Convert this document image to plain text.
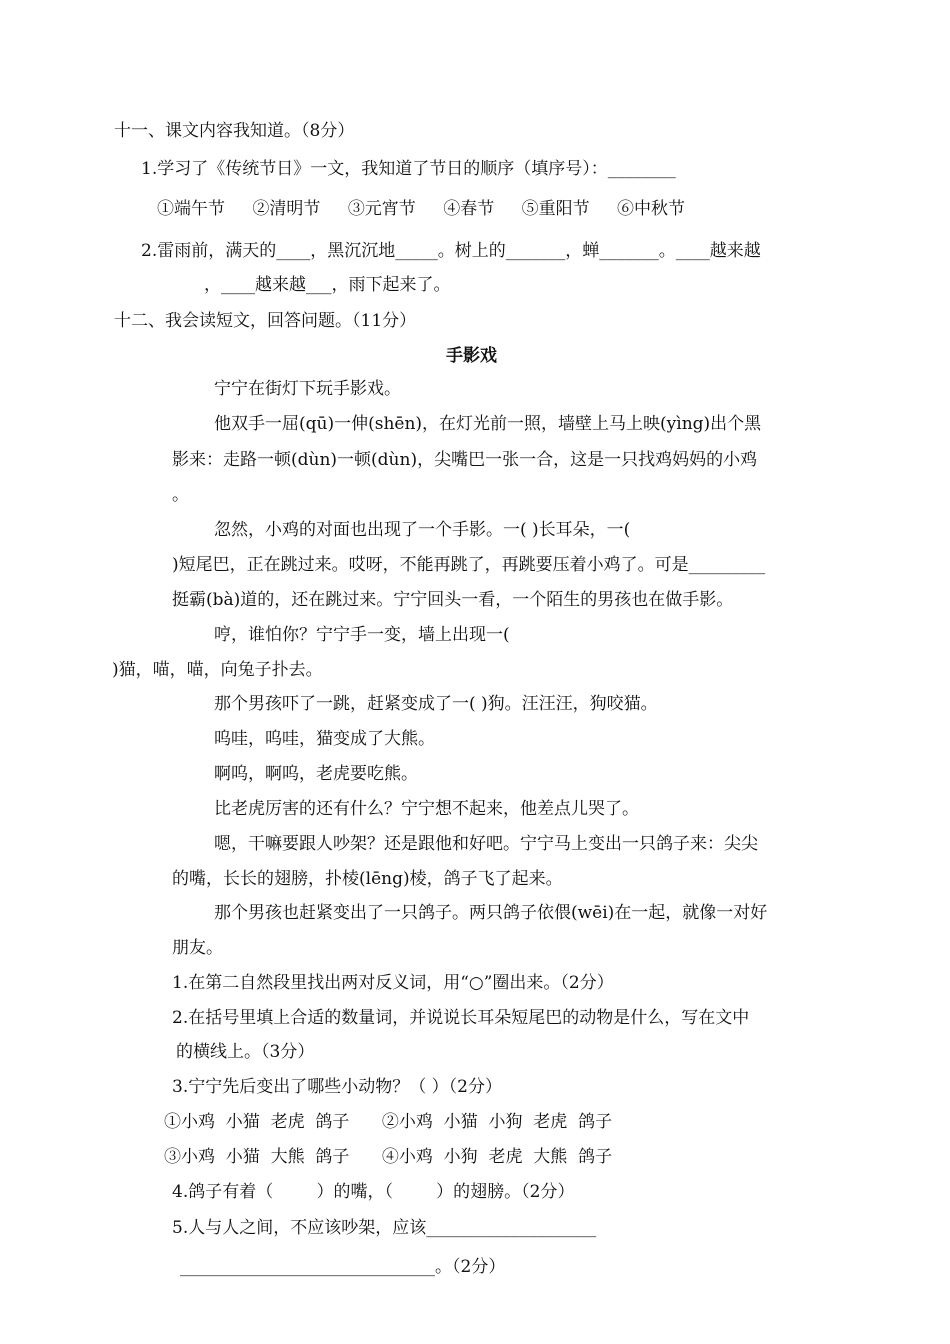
十一、课文内容我知道。（8分）
1.学习了《传统节日》一文，我知道了节日的顺序（填序号）：________
①端午节 ②清明节 ③元宵节 ④春节 ⑤重阳节 ⑥中秋节
2.雷雨前，满天的____，黑沉沉地_____。树上的_______，蝉_______。____越来越
，____越来越___，雨下起来了。
十二、我会读短文，回答问题。（11分）
手影戏
宁宁在街灯下玩手影戏。
他双手一屈(qū)一伸(shēn)，在灯光前一照，墙壁上马上映(yìng)出个黑
影来：走路一顿(dùn)一顿(dùn)，尖嘴巴一张一合，这是一只找鸡妈妈的小鸡
。
忽然，小鸡的对面也出现了一个手影。一( )长耳朵，一(
)短尾巴，正在跳过来。哎呀，不能再跳了，再跳要压着小鸡了。可是_________
挺霸(bà)道的，还在跳过来。宁宁回头一看，一个陌生的男孩也在做手影。
哼，谁怕你？宁宁手一变，墙上出现一(
)猫，喵，喵，向兔子扑去。
那个男孩吓了一跳，赶紧变成了一( )狗。汪汪汪，狗咬猫。
呜哇，呜哇，猫变成了大熊。
啊呜，啊呜，老虎要吃熊。
比老虎厉害的还有什么？宁宁想不起来，他差点儿哭了。
嗯，干嘛要跟人吵架？还是跟他和好吧。宁宁马上变出一只鸽子来：尖尖
的嘴，长长的翅膀，扑棱(lēng)棱，鸽子飞了起来。
那个男孩也赶紧变出了一只鸽子。两只鸽子依偎(wēi)在一起，就像一对好
朋友。
1.在第二自然段里找出两对反义词，用“○”圈出来。（2分）
2.在括号里填上合适的数量词，并说说长耳朵短尾巴的动物是什么，写在文中
的横线上。（3分）
3.宁宁先后变出了哪些小动物？（ ）（2分）
①小鸡  小猫  老虎  鸽子      ②小鸡  小猫  小狗  老虎  鸽子
③小鸡  小猫  大熊  鸽子      ④小鸡  小狗  老虎  大熊  鸽子
4.鸽子有着（        ）的嘴，（        ）的翅膀。（2分）
5.人与人之间，不应该吵架，应该____________________
______________________________。（2分）
